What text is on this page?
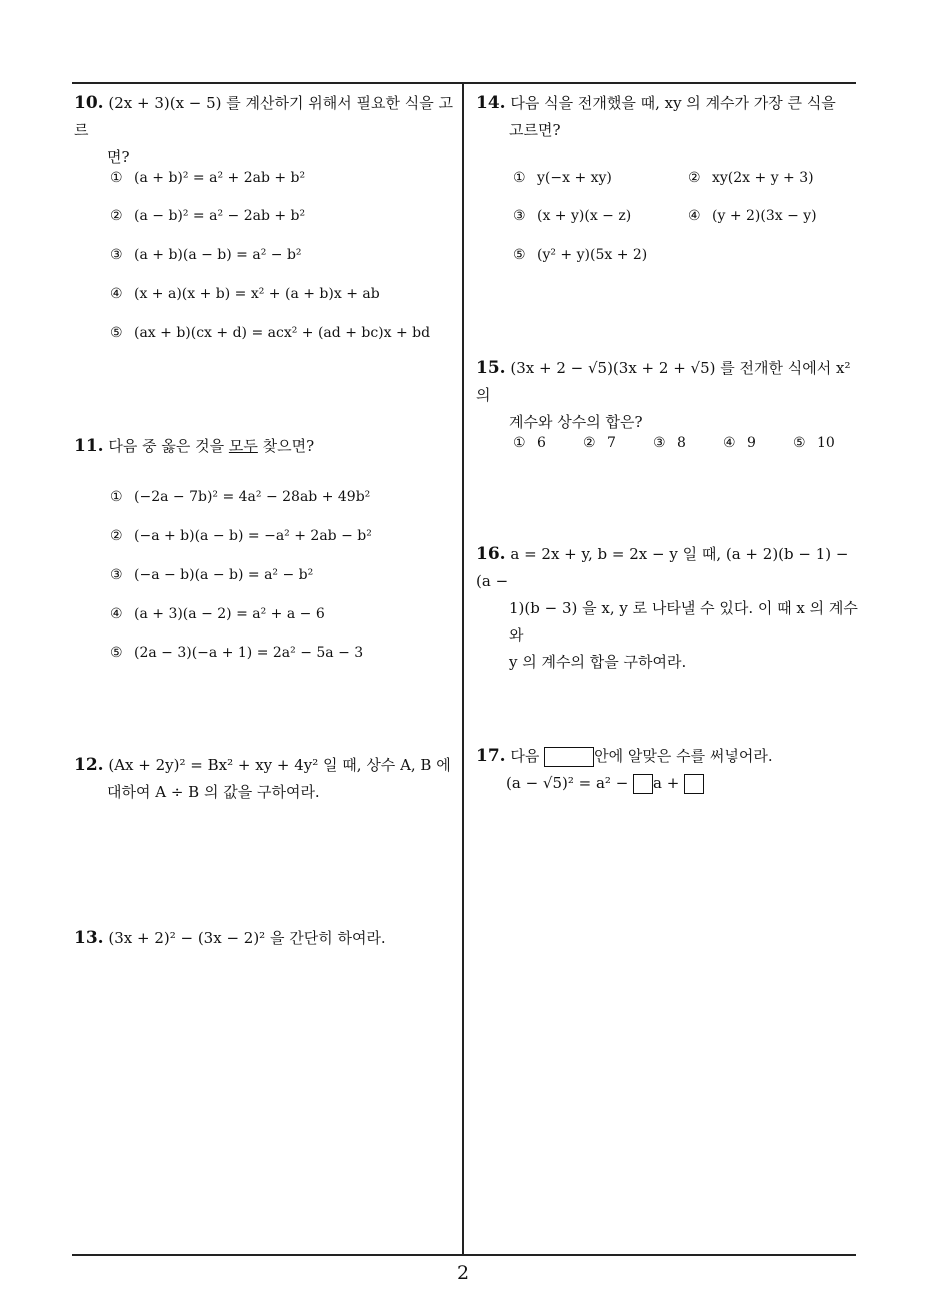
2
10. (2x + 3)(x − 5) 를 계산하기 위해서 필요한 식을 고르
면?
① (a + b)² = a² + 2ab + b²
② (a − b)² = a² − 2ab + b²
③ (a + b)(a − b) = a² − b²
④ (x + a)(x + b) = x² + (a + b)x + ab
⑤ (ax + b)(cx + d) = acx² + (ad + bc)x + bd
11. 다음 중 옳은 것을 모두 찾으면?
① (−2a − 7b)² = 4a² − 28ab + 49b²
② (−a + b)(a − b) = −a² + 2ab − b²
③ (−a − b)(a − b) = a² − b²
④ (a + 3)(a − 2) = a² + a − 6
⑤ (2a − 3)(−a + 1) = 2a² − 5a − 3
12. (Ax + 2y)² = Bx² + xy + 4y² 일 때, 상수 A, B 에
대하여 A ÷ B 의 값을 구하여라.
13. (3x + 2)² − (3x − 2)² 을 간단히 하여라.
14. 다음 식을 전개했을 때, xy 의 계수가 가장 큰 식을
고르면?
① y(−x + xy)	② xy(2x + y + 3)
③ (x + y)(x − z)	④ (y + 2)(3x − y)
⑤ (y² + y)(5x + 2)
15. (3x + 2 − √5)(3x + 2 + √5) 를 전개한 식에서 x² 의
계수와 상수의 합은?
① 6	② 7	③ 8	④ 9	⑤ 10
16. a = 2x + y, b = 2x − y 일 때, (a + 2)(b − 1) − (a −
1)(b − 3) 을 x, y 로 나타낼 수 있다. 이 때 x 의 계수와
y 의 계수의 합을 구하여라.
17. 다음	안에 알맞은 수를 써넣어라.
(a − √5)² = a² − a +
